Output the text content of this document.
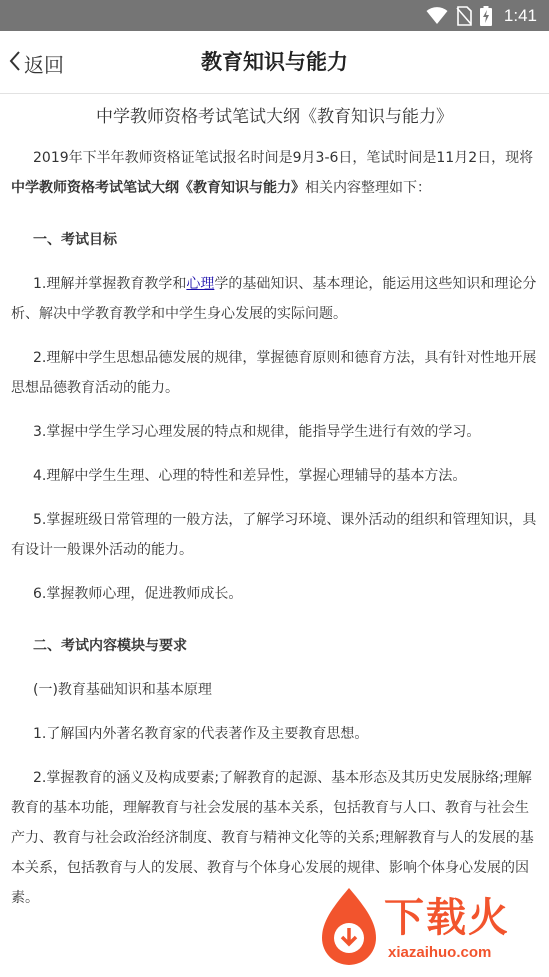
1:41
返回	教育知识与能力
中学教师资格考试笔试大纲《教育知识与能力》

2019年下半年教师资格证笔试报名时间是9月3-6日，笔试时间是11月2日，现将中学教师资格考试笔试大纲《教育知识与能力》相关内容整理如下：

一、考试目标

1.理解并掌握教育教学和心理学的基础知识、基本理论，能运用这些知识和理论分析、解决中学教育教学和中学生身心发展的实际问题。

2.理解中学生思想品德发展的规律，掌握德育原则和德育方法，具有针对性地开展思想品德教育活动的能力。

3.掌握中学生学习心理发展的特点和规律，能指导学生进行有效的学习。

4.理解中学生生理、心理的特性和差异性，掌握心理辅导的基本方法。

5.掌握班级日常管理的一般方法，了解学习环境、课外活动的组织和管理知识，具有设计一般课外活动的能力。

6.掌握教师心理，促进教师成长。

二、考试内容模块与要求

(一)教育基础知识和基本原理

1.了解国内外著名教育家的代表著作及主要教育思想。

2.掌握教育的涵义及构成要素;了解教育的起源、基本形态及其历史发展脉络;理解教育的基本功能，理解教育与社会发展的基本关系，包括教育与人口、教育与社会生产力、教育与社会政治经济制度、教育与精神文化等的关系;理解教育与人的发展的基本关系，包括教育与人的发展、教育与个体身心发展的规律、影响个体身心发展的因素。	下载火
xiazaihuo.com
